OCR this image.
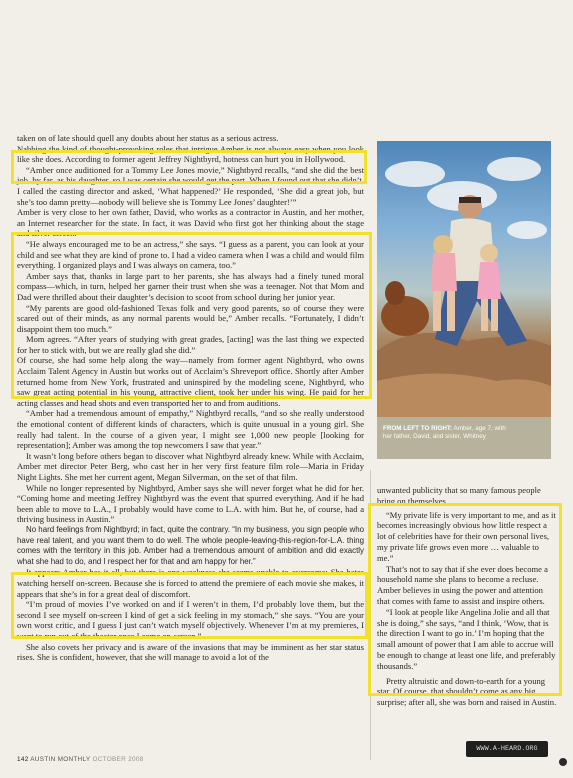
taken on of late should quell any doubts about her status as a serious actress.

Nabbing the kind of thought-provoking roles that intrigue Amber is not always easy when you look like she does. According to former agent Jeffrey Nightbyrd, hotness can hurt you in Hollywood.

“Amber once auditioned for a Tommy Lee Jones movie,” Nightbyrd recalls, “and she did the best job, by far, as his daughter, so I was certain she would get the part. When I found out that she didn’t, I called the casting director and asked, ‘What happened?’ He responded, ‘She did a great job, but she’s too damn pretty—nobody will believe she is Tommy Lee Jones’ daughter!’”

Amber is very close to her own father, David, who works as a contractor in Austin, and her mother, an Internet researcher for the state. In fact, it was David who first got her thinking about the stage and silver screen.

“He always encouraged me to be an actress,” she says. “I guess as a parent, you can look at your child and see what they are kind of prone to. I had a video camera when I was a child and would film everything. I organized plays and I was always on camera, too.”

Amber says that, thanks in large part to her parents, she has always had a finely tuned moral compass—which, in turn, helped her garner their trust when she was a teenager. Not that Mom and Dad were thrilled about their daughter’s decision to scoot from school during her junior year.

“My parents are good old-fashioned Texas folk and very good parents, so of course they were scared out of their minds, as any normal parents would be,” Amber recalls. “Fortunately, I didn’t disappoint them too much.”

Mom agrees. “After years of studying with great grades, [acting] was the last thing we expected for her to stick with, but we are really glad she did.”

Of course, she had some help along the way—namely from former agent Nightbyrd, who owns Acclaim Talent Agency in Austin but works out of Acclaim’s Shreveport office. Shortly after Amber returned home from New York, frustrated and uninspired by the modeling scene, Nightbyrd, who saw great acting potential in his young, attractive client, took her under his wing. He paid for her acting classes and head shots and even transported her to and from auditions.

“Amber had a tremendous amount of empathy,” Nightbyrd recalls, “and so she really understood the emotional content of different kinds of characters, which is quite unusual in a young girl. She really had talent. In the course of a given year, I might see 1,000 new people [looking for representation]; Amber was among the top newcomers I saw that year.”

It wasn’t long before others began to discover what Nightbyrd already knew. While with Acclaim, Amber met director Peter Berg, who cast her in her very first feature film role—Maria in Friday Night Lights. She met her current agent, Megan Silverman, on the set of that film.

While no longer represented by Nightbyrd, Amber says she will never forget what he did for her. “Coming home and meeting Jeffrey Nightbyrd was the event that spurred everything. And if he had been able to move to L.A., I probably would have come to L.A. with him. But he, of course, had a thriving business in Austin.”

No hard feelings from Nightbyrd; in fact, quite the contrary. “In my business, you sign people who have real talent, and you want them to do well. The whole people-leaving-this-region-for-L.A. thing comes with the territory in this job. Amber had a tremendous amount of ambition and did exactly what she had to do, and I respect her for that and am happy for her.”

It appears Amber has it all, but there is one weakness she seems unable to overcome: She hates watching herself on-screen. Because she is forced to attend the premiere of each movie she makes, it appears that she’s in for a great deal of discomfort.

“I’m proud of movies I’ve worked on and if I weren’t in them, I’d probably love them, but the second I see myself on-screen I kind of get a sick feeling in my stomach,” she says. “You are your own worst critic, and I guess I just can’t watch myself objectively. Whenever I’m at my premieres, I want to run out of the theater once I come on-screen.”

She also covets her privacy and is aware of the invasions that may be imminent as her star status rises. She is confident, however, that she will manage to avoid a lot of the

FROM LEFT TO RIGHT: Amber, age 7, with her father, David, and sister, Whitney

unwanted publicity that so many famous people bring on themselves.

“My private life is very important to me, and as it becomes increasingly obvious how little respect a lot of celebrities have for their own personal lives, my private life grows even more … valuable to me.”

That’s not to say that if she ever does become a household name she plans to become a recluse. Amber believes in using the power and attention that comes with fame to assist and inspire others.

“I look at people like Angelina Jolie and all that she is doing,” she says, “and I think, ‘Wow, that is the direction I want to go in.’ I’m hoping that the small amount of power that I am able to accrue will be enough to change at least one life, and preferably thousands.”

Pretty altruistic and down-to-earth for a young star. Of course, that shouldn’t come as any big surprise; after all, she was born and raised in Austin.

142 AUSTIN MONTHLY OCTOBER 2008
WWW.A-HEARD.ORG
